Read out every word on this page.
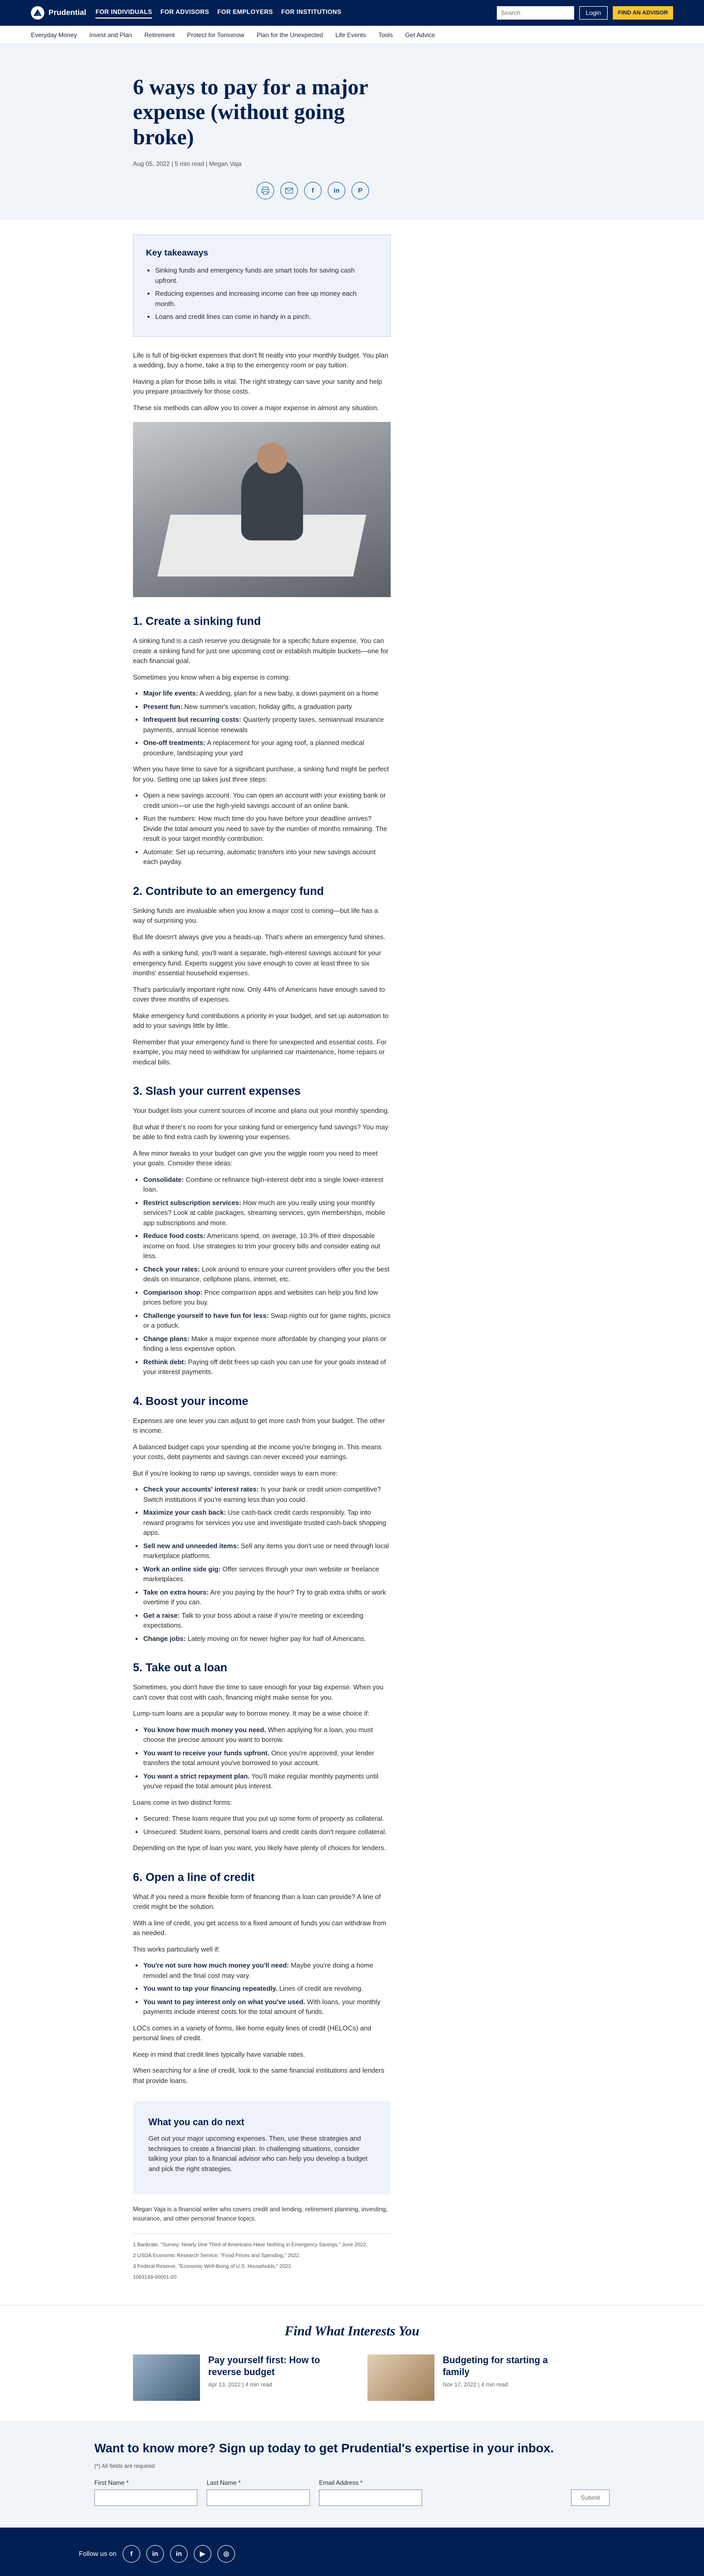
Prudential FOR INDIVIDUALS FOR ADVISORS FOR EMPLOYERS FOR INSTITUTIONS
Search	Login	FIND AN ADVISOR
Everyday Money Invest and Plan Retirement Protect for Tomorrow Plan for the Unexpected Life Events Tools Get Advice
6 ways to pay for a major expense (without going broke)
Aug 05, 2022 | 5 min read | Megan Vaja
f	in	P
Key takeaways
• Sinking funds and emergency funds are smart tools for saving cash upfront.
• Reducing expenses and increasing income can free up money each month.
• Loans and credit lines can come in handy in a pinch.

Life is full of big-ticket expenses that don't fit neatly into your monthly budget. You plan a wedding, buy a home, take a trip to the emergency room or pay tuition.

Having a plan for those bills is vital. The right strategy can save your sanity and help you prepare proactively for those costs.

These six methods can allow you to cover a major expense in almost any situation.

1. Create a sinking fund

A sinking fund is a cash reserve you designate for a specific future expense. You can create a sinking fund for just one upcoming cost or establish multiple buckets—one for each financial goal.

Sometimes you know when a big expense is coming:

• Major life events: A wedding, plan for a new baby, a down payment on a home
• Present fun: New summer's vacation, holiday gifts, a graduation party
• Infrequent but recurring costs: Quarterly property taxes, semiannual insurance payments, annual license renewals
• One-off treatments: A replacement for your aging roof, a planned medical procedure, landscaping your yard

When you have time to save for a significant purchase, a sinking fund might be perfect for you. Setting one up takes just three steps:

• Open a new savings account. You can open an account with your existing bank or credit union—or use the high-yield savings account of an online bank.
• Run the numbers: How much time do you have before your deadline arrives? Divide the total amount you need to save by the number of months remaining. The result is your target monthly contribution.
• Automate: Set up recurring, automatic transfers into your new savings account each payday.
2. Contribute to an emergency fund

Sinking funds are invaluable when you know a major cost is coming—but life has a way of surprising you.

But life doesn't always give you a heads-up. That's where an emergency fund shines.

As with a sinking fund, you'll want a separate, high-interest savings account for your emergency fund. Experts suggest you save enough to cover at least three to six months' essential household expenses.

That's particularly important right now. Only 44% of Americans have enough saved to cover three months of expenses.

Make emergency fund contributions a priority in your budget, and set up automation to add to your savings little by little.

Remember that your emergency fund is there for unexpected and essential costs. For example, you may need to withdraw for unplanned car maintenance, home repairs or medical bills.

3. Slash your current expenses

Your budget lists your current sources of income and plans out your monthly spending.

But what if there's no room for your sinking fund or emergency fund savings? You may be able to find extra cash by lowering your expenses.

A few minor tweaks to your budget can give you the wiggle room you need to meet your goals. Consider these ideas:

• Consolidate: Combine or refinance high-interest debt into a single lower-interest loan.
• Restrict subscription services: How much are you really using your monthly services? Look at cable packages, streaming services, gym memberships, mobile app subscriptions and more.
• Reduce food costs: Americans spend, on average, 10.3% of their disposable income on food. Use strategies to trim your grocery bills and consider eating out less.
• Check your rates: Look around to ensure your current providers offer you the best deals on insurance, cellphone plans, internet, etc.
• Comparison shop: Price comparison apps and websites can help you find low prices before you buy.
• Challenge yourself to have fun for less: Swap nights out for game nights, picnics or a potluck.
• Change plans: Make a major expense more affordable by changing your plans or finding a less expensive option.
• Rethink debt: Paying off debt frees up cash you can use for your goals instead of your interest payments.
4. Boost your income

Expenses are one lever you can adjust to get more cash from your budget. The other is income.

A balanced budget caps your spending at the income you're bringing in. This means your costs, debt payments and savings can never exceed your earnings.

But if you're looking to ramp up savings, consider ways to earn more:

• Check your accounts' interest rates: Is your bank or credit union competitive? Switch institutions if you're earning less than you could.
• Maximize your cash back: Use cash-back credit cards responsibly. Tap into reward programs for services you use and investigate trusted cash-back shopping apps.
• Sell new and unneeded items: Sell any items you don't use or need through local marketplace platforms.
• Work an online side gig: Offer services through your own website or freelance marketplaces.
• Take on extra hours: Are you paying by the hour? Try to grab extra shifts or work overtime if you can.
• Get a raise: Talk to your boss about a raise if you're meeting or exceeding expectations.
• Change jobs: Lately moving on for newer higher pay for half of Americans.
5. Take out a loan

Sometimes, you don't have the time to save enough for your big expense. When you can't cover that cost with cash, financing might make sense for you.

Lump-sum loans are a popular way to borrow money. It may be a wise choice if:

• You know how much money you need. When applying for a loan, you must choose the precise amount you want to borrow.
• You want to receive your funds upfront. Once you're approved, your lender transfers the total amount you've borrowed to your account.
• You want a strict repayment plan. You'll make regular monthly payments until you've repaid the total amount plus interest.

Loans come in two distinct forms:

• Secured: These loans require that you put up some form of property as collateral.
• Unsecured: Student loans, personal loans and credit cards don't require collateral.

Depending on the type of loan you want, you likely have plenty of choices for lenders.

6. Open a line of credit

What if you need a more flexible form of financing than a loan can provide? A line of credit might be the solution.

With a line of credit, you get access to a fixed amount of funds you can withdraw from as needed.

This works particularly well if:

• You're not sure how much money you'll need: Maybe you're doing a home remodel and the final cost may vary.
• You want to tap your financing repeatedly. Lines of credit are revolving.
• You want to pay interest only on what you've used. With loans, your monthly payments include interest costs for the total amount of funds.

LOCs comes in a variety of forms, like home equity lines of credit (HELOCs) and personal lines of credit.

Keep in mind that credit lines typically have variable rates.

When searching for a line of credit, look to the same financial institutions and lenders that provide loans.

What you can do next

Get out your major upcoming expenses. Then, use these strategies and techniques to create a financial plan. In challenging situations, consider talking your plan to a financial advisor who can help you develop a budget and pick the right strategies.

Megan Vaja is a financial writer who covers credit and lending, retirement planning, investing, insurance, and other personal finance topics.

1 Bankrate, "Survey: Nearly One Third of Americans Have Nothing in Emergency Savings," June 2022.

2 USDA Economic Research Service, "Food Prices and Spending," 2022.

3 Federal Reserve, "Economic Well-Being of U.S. Households," 2022.

1063149-00001-00

Find What Interests You
Pay yourself first: How to reverse budget
Apr 13, 2022 | 4 min read
Budgeting for starting a family
Nov 17, 2022 | 4 min read
Want to know more? Sign up today to get Prudential's expertise in your inbox.
(*) All fields are required
First Name *	Last Name *	Email Address *
Submit
Follow us on	f	in	in	▶	◎
